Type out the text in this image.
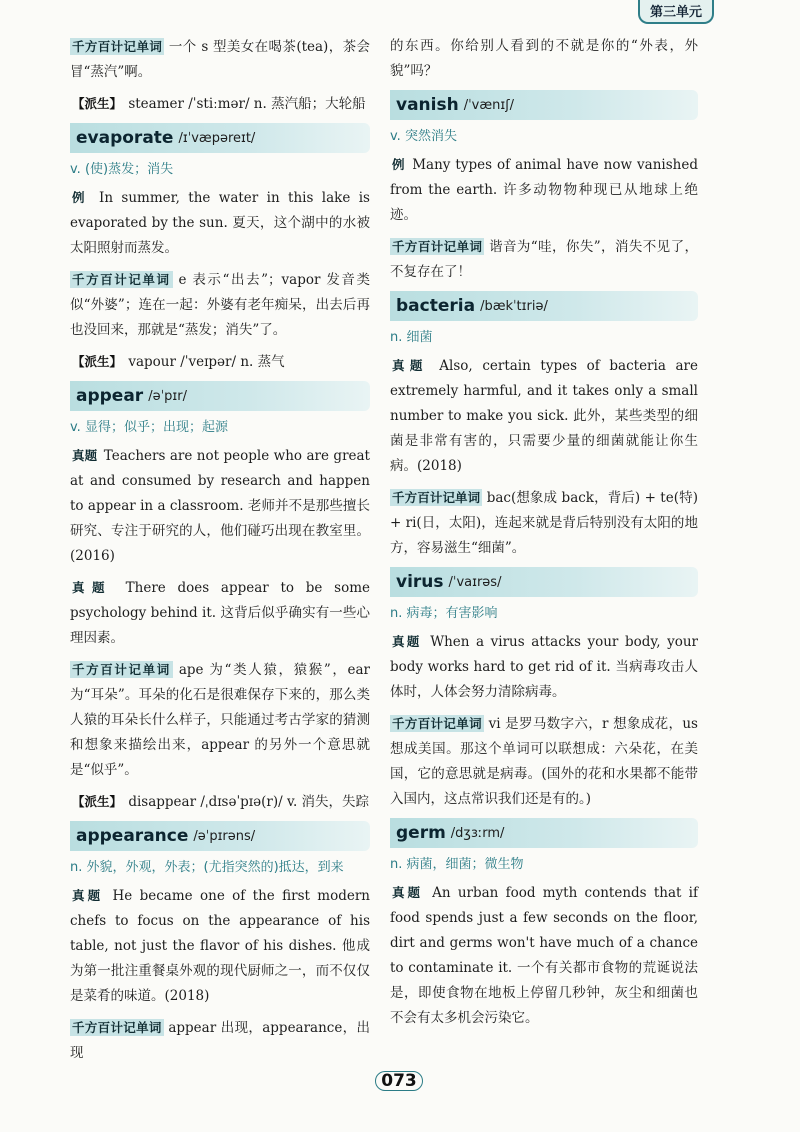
第三单元

千方百计记单词 一个 s 型美女在喝茶(tea)，茶会冒“蒸汽”啊。

【派生】 steamer /ˈstiːmər/ n. 蒸汽船；大轮船

evaporate /ɪˈvæpəreɪt/
v. (使)蒸发；消失

例 In summer, the water in this lake is evaporated by the sun. 夏天，这个湖中的水被太阳照射而蒸发。

千方百计记单词 e 表示“出去”；vapor 发音类似“外婆”；连在一起：外婆有老年痴呆，出去后再也没回来，那就是“蒸发；消失”了。

【派生】 vapour /ˈveɪpər/ n. 蒸气

appear /əˈpɪr/
v. 显得；似乎；出现；起源

真题 Teachers are not people who are great at and consumed by research and happen to appear in a classroom. 老师并不是那些擅长研究、专注于研究的人，他们碰巧出现在教室里。(2016)

真题 There does appear to be some psychology behind it. 这背后似乎确实有一些心理因素。

千方百计记单词 ape 为“类人猿，猿猴”，ear 为“耳朵”。耳朵的化石是很难保存下来的，那么类人猿的耳朵长什么样子，只能通过考古学家的猜测和想象来描绘出来，appear 的另外一个意思就是“似乎”。

【派生】 disappear /ˌdɪsəˈpɪə(r)/ v. 消失，失踪

appearance /əˈpɪrəns/
n. 外貌，外观，外表；(尤指突然的)抵达，到来

真题 He became one of the first modern chefs to focus on the appearance of his table, not just the flavor of his dishes. 他成为第一批注重餐桌外观的现代厨师之一，而不仅仅是菜肴的味道。(2018)

千方百计记单词 appear 出现，appearance，出现

的东西。你给别人看到的不就是你的“外表，外貌”吗？

vanish /ˈvænɪʃ/
v. 突然消失

例 Many types of animal have now vanished from the earth. 许多动物物种现已从地球上绝迹。

千方百计记单词 谐音为“哇，你失”，消失不见了，不复存在了！

bacteria /bækˈtɪriə/
n. 细菌

真题 Also, certain types of bacteria are extremely harmful, and it takes only a small number to make you sick. 此外，某些类型的细菌是非常有害的，只需要少量的细菌就能让你生病。(2018)

千方百计记单词 bac(想象成 back，背后) + te(特) + ri(日，太阳)，连起来就是背后特别没有太阳的地方，容易滋生“细菌”。

virus /ˈvaɪrəs/
n. 病毒；有害影响

真题 When a virus attacks your body, your body works hard to get rid of it. 当病毒攻击人体时，人体会努力清除病毒。

千方百计记单词 vi 是罗马数字六，r 想象成花，us 想成美国。那这个单词可以联想成：六朵花，在美国，它的意思就是病毒。(国外的花和水果都不能带入国内，这点常识我们还是有的。)

germ /dʒɜːrm/
n. 病菌，细菌；微生物

真题 An urban food myth contends that if food spends just a few seconds on the floor, dirt and germs won't have much of a chance to contaminate it. 一个有关都市食物的荒诞说法是，即使食物在地板上停留几秒钟，灰尘和细菌也不会有太多机会污染它。

073
